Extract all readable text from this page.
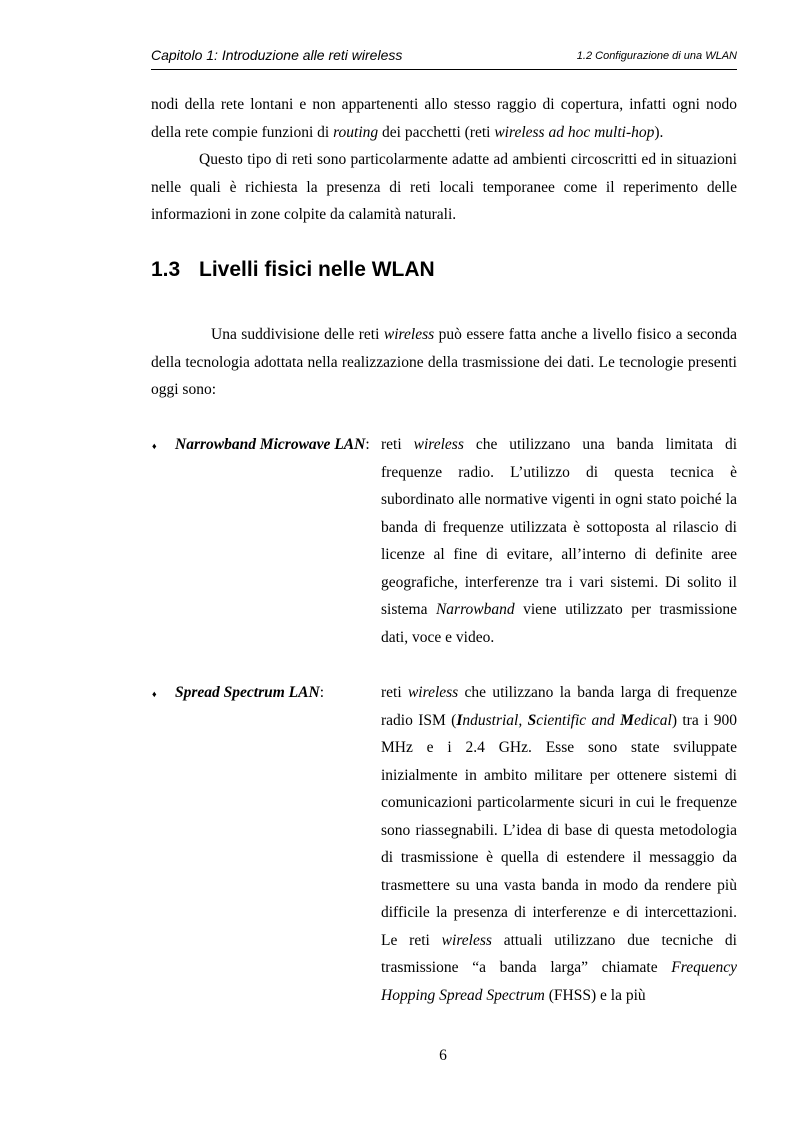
Capitolo 1: Introduzione alle reti wireless	1.2 Configurazione di una WLAN
nodi della rete lontani e non appartenenti allo stesso raggio di copertura, infatti ogni nodo della rete compie funzioni di routing dei pacchetti (reti wireless ad hoc multi-hop).
Questo tipo di reti sono particolarmente adatte ad ambienti circoscritti ed in situazioni nelle quali è richiesta la presenza di reti locali temporanee come il reperimento delle informazioni in zone colpite da calamità naturali.
1.3 Livelli fisici nelle WLAN
Una suddivisione delle reti wireless può essere fatta anche a livello fisico a seconda della tecnologia adottata nella realizzazione della trasmissione dei dati. Le tecnologie presenti oggi sono:
♦ Narrowband Microwave LAN: reti wireless che utilizzano una banda limitata di frequenze radio. L’utilizzo di questa tecnica è subordinato alle normative vigenti in ogni stato poiché la banda di frequenze utilizzata è sottoposta al rilascio di licenze al fine di evitare, all’interno di definite aree geografiche, interferenze tra i vari sistemi. Di solito il sistema Narrowband viene utilizzato per trasmissione dati, voce e video.

♦ Spread Spectrum LAN:	reti wireless che utilizzano la banda larga di frequenze radio ISM (Industrial, Scientific and Medical) tra i 900 MHz e i 2.4 GHz. Esse sono state sviluppate inizialmente in ambito militare per ottenere sistemi di comunicazioni particolarmente sicuri in cui le frequenze sono riassegnabili. L’idea di base di questa metodologia di trasmissione è quella di estendere il messaggio da trasmettere su una vasta banda in modo da rendere più difficile la presenza di interferenze e di intercettazioni. Le reti wireless attuali utilizzano due tecniche di trasmissione “a banda larga” chiamate Frequency Hopping Spread Spectrum (FHSS) e la più

6
